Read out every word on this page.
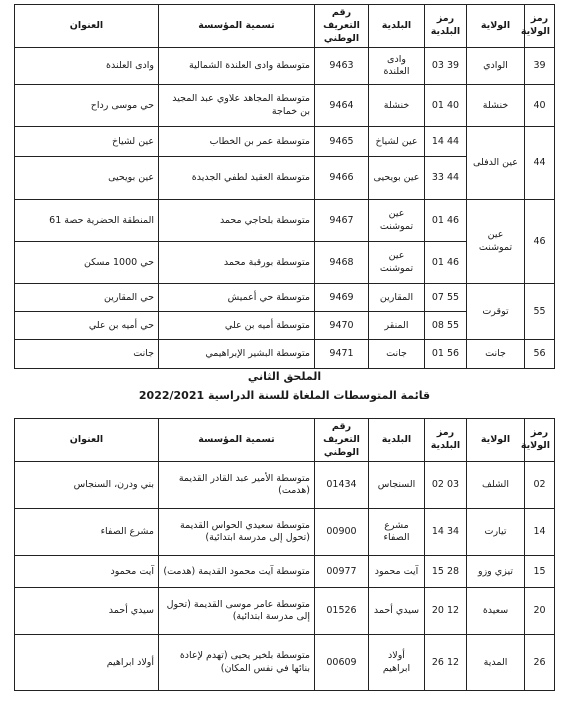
رمز الولاية	الولاية	رمز البلدية	البلدية	رقم التعريف الوطني	تسمية المؤسسة	العنوان
39	الوادي	03 39	وادى العلندة	9463	متوسطة وادى العلندة الشمالية	وادى العلندة
40	خنشلة	01 40	خنشلة	9464	متوسطة المجاهد علاوي عبد المجيد بن خماجة	حي موسى رداح
44	عين الدفلى	14 44	عين لشياخ	9465	متوسطة عمر بن الخطاب	عين لشياخ
		33 44	عين بويحيى	9466	متوسطة العقيد لطفي الجديدة	عين بويحيى
46	عين تموشنت	01 46	عين تموشنت	9467	متوسطة بلحاجي محمد	المنطقة الحضرية حصة 61
		01 46	عين تموشنت	9468	متوسطة بورقبة محمد	حي 1000 مسكن
55	توقرت	07 55	المقارين	9469	متوسطة حي أعميش	حي المقارين
		08 55	المنقر	9470	متوسطة أميه بن علي	حي أميه بن علي
56	جانت	01 56	جانت	9471	متوسطة البشير الإبراهيمي	جانت
الملحق الثاني
قائمة المتوسطات الملغاة للسنة الدراسية 2022/2021
رمز الولاية	الولاية	رمز البلدية	البلدية	رقم التعريف الوطني	تسمية المؤسسة	العنوان
02	الشلف	02 03	السنجاس	01434	متوسطة الأمير عبد القادر القديمة (هدمت)	بني ودرن، السنجاس
14	تيارت	14 34	مشرع الصفاء	00900	متوسطة سعيدي الحواس القديمة (تحول إلى مدرسة ابتدائية)	مشرع الصفاء
15	تيزي وزو	15 28	آيت محمود	00977	متوسطة آيت محمود القديمة (هدمت)	آيت محمود
20	سعيدة	20 12	سيدي أحمد	01526	متوسطة عامر موسى القديمة (تحول إلى مدرسة ابتدائية)	سيدي أحمد
26	المدية	26 12	أولاد ابراهيم	00609	متوسطة بلخير يحيى (تهدم لإعادة بنائها في نفس المكان)	أولاد ابراهيم
